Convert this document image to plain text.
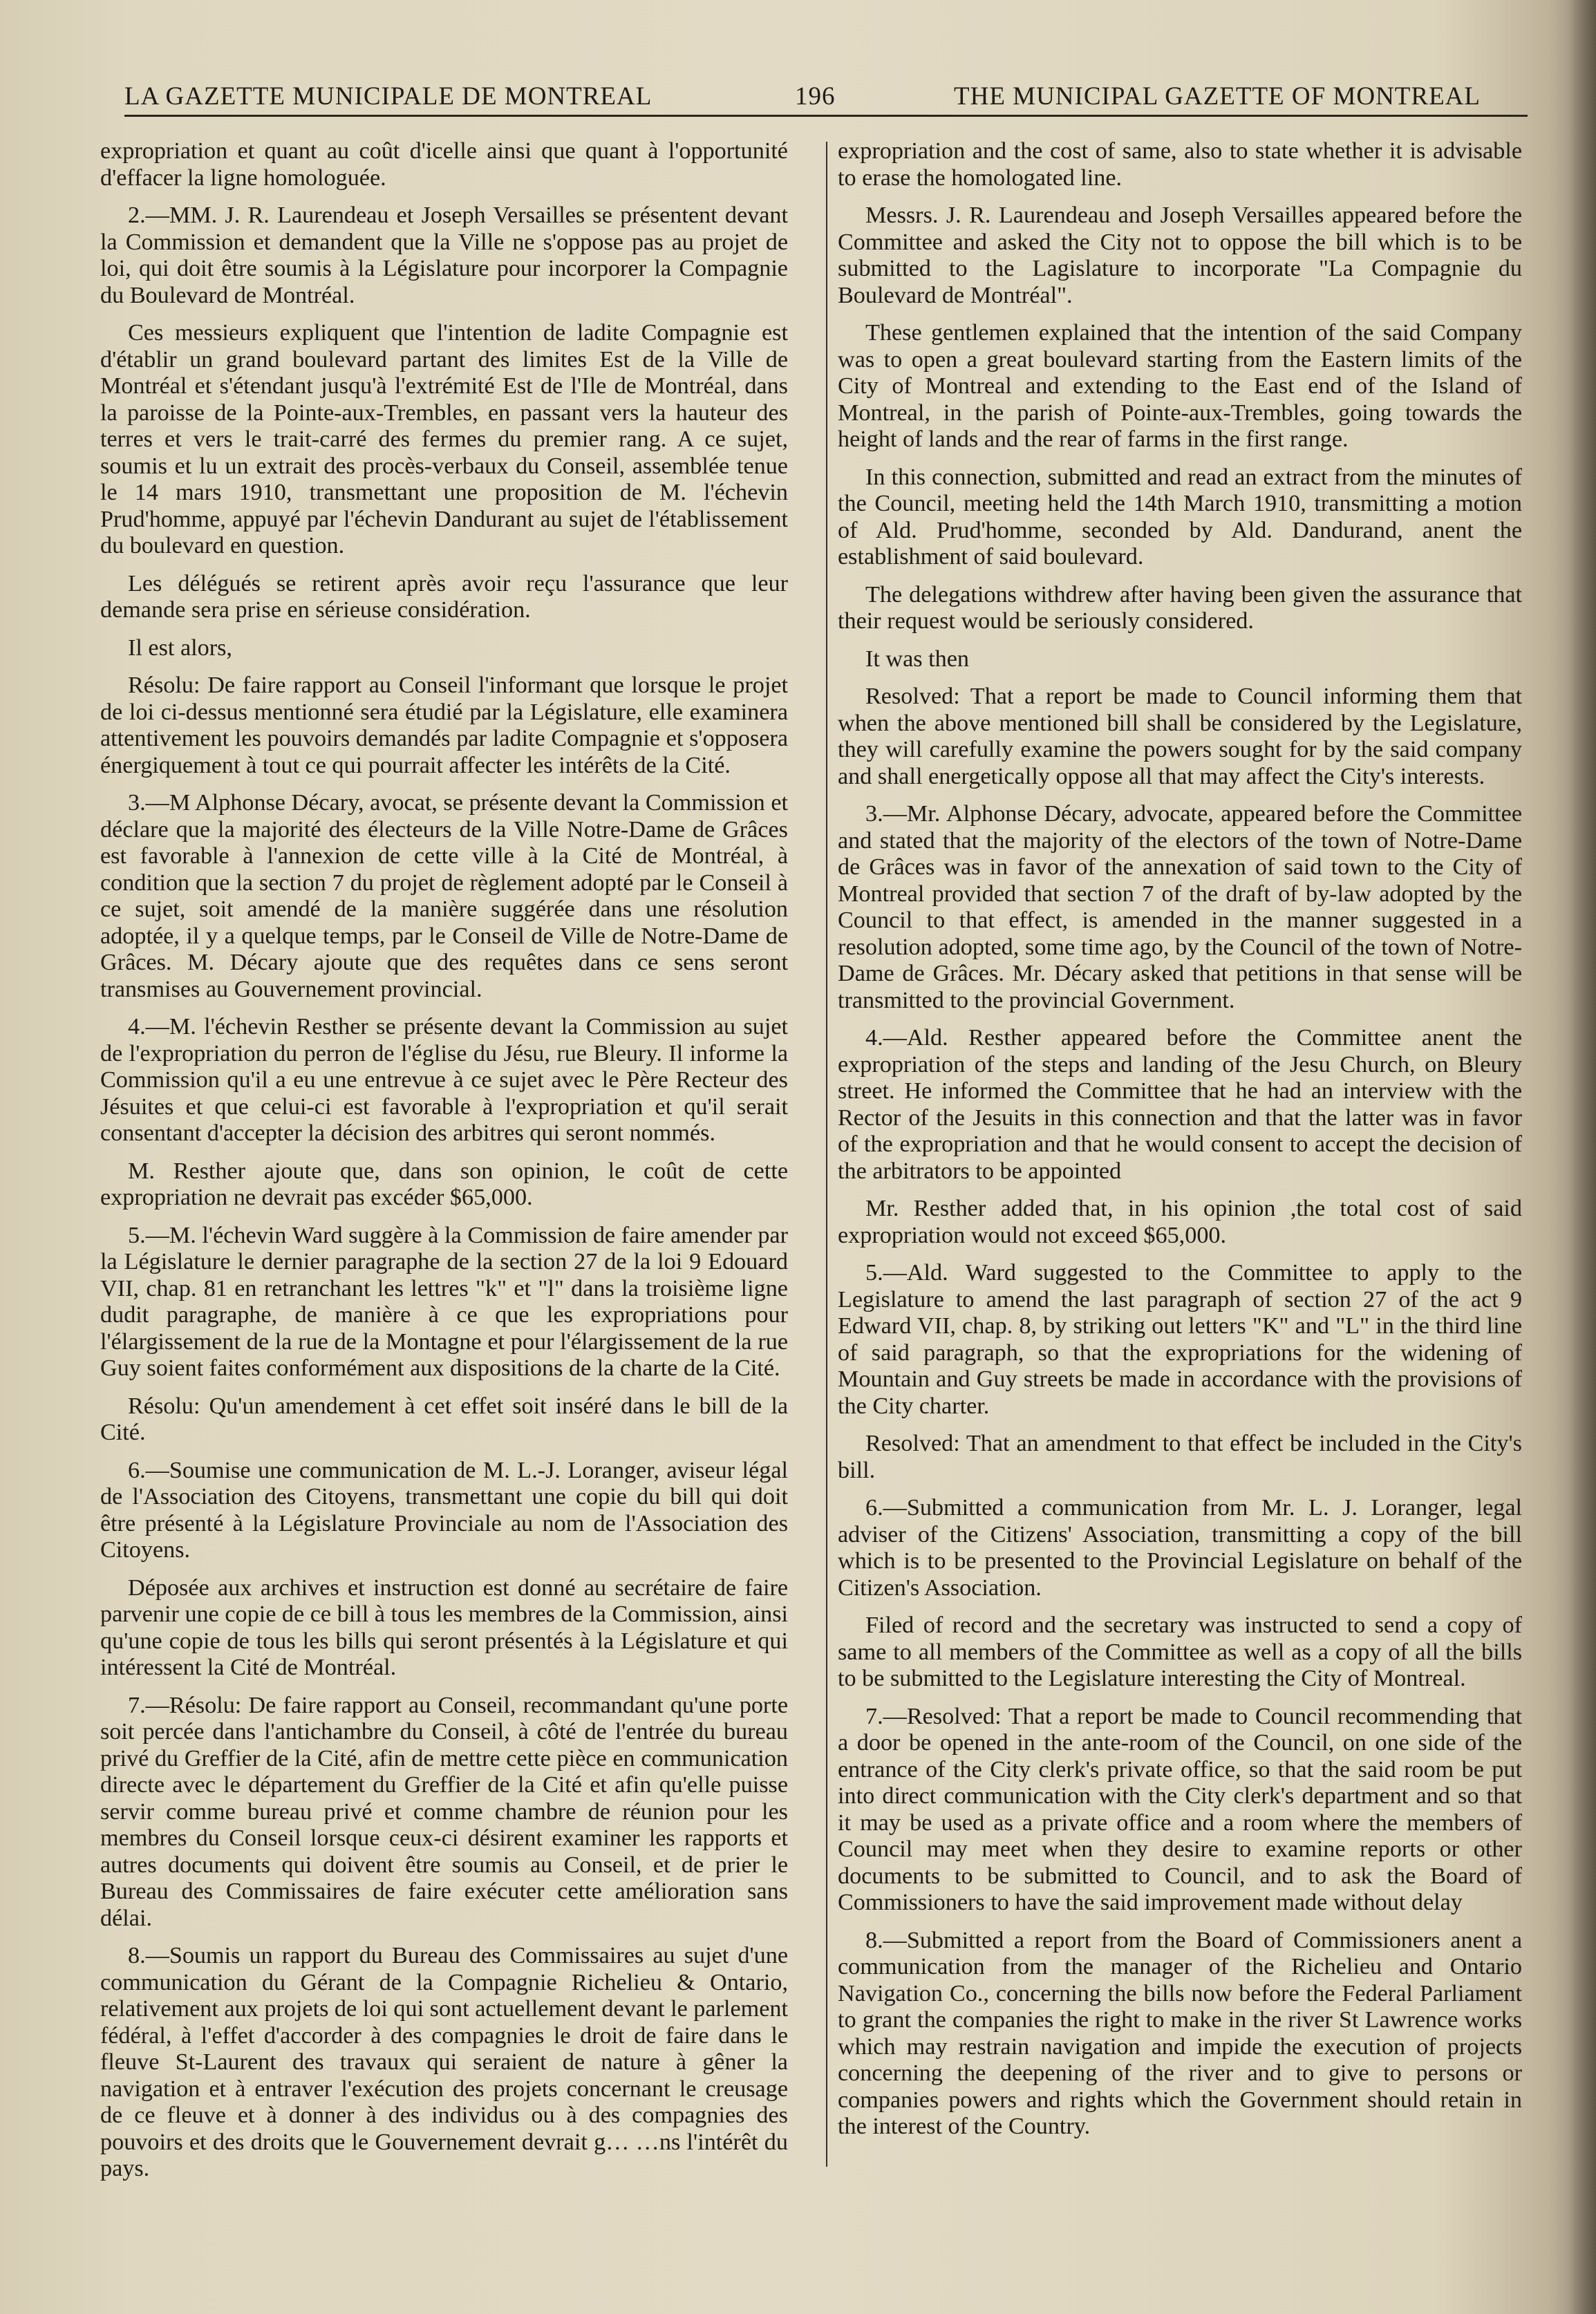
LA GAZETTE MUNICIPALE DE MONTREAL	196	THE MUNICIPAL GAZETTE OF MONTREAL

expropriation et quant au coût d'icelle ainsi que quant à l'opportunité d'effacer la ligne homologuée.

2.—MM. J. R. Laurendeau et Joseph Versailles se présentent devant la Commission et demandent que la Ville ne s'oppose pas au projet de loi, qui doit être soumis à la Législature pour incorporer la Compagnie du Boulevard de Montréal.

Ces messieurs expliquent que l'intention de ladite Compagnie est d'établir un grand boulevard partant des limites Est de la Ville de Montréal et s'étendant jusqu'à l'extrémité Est de l'Ile de Montréal, dans la paroisse de la Pointe-aux-Trembles, en passant vers la hauteur des terres et vers le trait-carré des fermes du premier rang. A ce sujet, soumis et lu un extrait des procès-verbaux du Conseil, assemblée tenue le 14 mars 1910, transmettant une proposition de M. l'échevin Prud'homme, appuyé par l'échevin Dandurant au sujet de l'établissement du boulevard en question.

Les délégués se retirent après avoir reçu l'assurance que leur demande sera prise en sérieuse considération.

Il est alors,

Résolu: De faire rapport au Conseil l'informant que lorsque le projet de loi ci-dessus mentionné sera étudié par la Législature, elle examinera attentivement les pouvoirs demandés par ladite Compagnie et s'opposera énergiquement à tout ce qui pourrait affecter les intérêts de la Cité.

3.—M Alphonse Décary, avocat, se présente devant la Commission et déclare que la majorité des électeurs de la Ville Notre-Dame de Grâces est favorable à l'annexion de cette ville à la Cité de Montréal, à condition que la section 7 du projet de règlement adopté par le Conseil à ce sujet, soit amendé de la manière suggérée dans une résolution adoptée, il y a quelque temps, par le Conseil de Ville de Notre-Dame de Grâces. M. Décary ajoute que des requêtes dans ce sens seront transmises au Gouvernement provincial.

4.—M. l'échevin Resther se présente devant la Commission au sujet de l'expropriation du perron de l'église du Jésu, rue Bleury. Il informe la Commission qu'il a eu une entrevue à ce sujet avec le Père Recteur des Jésuites et que celui-ci est favorable à l'expropriation et qu'il serait consentant d'accepter la décision des arbitres qui seront nommés.

M. Resther ajoute que, dans son opinion, le coût de cette expropriation ne devrait pas excéder $65,000.

5.—M. l'échevin Ward suggère à la Commission de faire amender par la Législature le dernier paragraphe de la section 27 de la loi 9 Edouard VII, chap. 81 en retranchant les lettres "k" et "l" dans la troisième ligne dudit paragraphe, de manière à ce que les expropriations pour l'élargissement de la rue de la Montagne et pour l'élargissement de la rue Guy soient faites conformément aux dispositions de la charte de la Cité.

Résolu: Qu'un amendement à cet effet soit inséré dans le bill de la Cité.

6.—Soumise une communication de M. L.-J. Loranger, aviseur légal de l'Association des Citoyens, transmettant une copie du bill qui doit être présenté à la Législature Provinciale au nom de l'Association des Citoyens.

Déposée aux archives et instruction est donné au secrétaire de faire parvenir une copie de ce bill à tous les membres de la Commission, ainsi qu'une copie de tous les bills qui seront présentés à la Législature et qui intéressent la Cité de Montréal.

7.—Résolu: De faire rapport au Conseil, recommandant qu'une porte soit percée dans l'antichambre du Conseil, à côté de l'entrée du bureau privé du Greffier de la Cité, afin de mettre cette pièce en communication directe avec le département du Greffier de la Cité et afin qu'elle puisse servir comme bureau privé et comme chambre de réunion pour les membres du Conseil lorsque ceux-ci désirent examiner les rapports et autres documents qui doivent être soumis au Conseil, et de prier le Bureau des Commissaires de faire exécuter cette amélioration sans délai.

8.—Soumis un rapport du Bureau des Commissaires au sujet d'une communication du Gérant de la Compagnie Richelieu & Ontario, relativement aux projets de loi qui sont actuellement devant le parlement fédéral, à l'effet d'accorder à des compagnies le droit de faire dans le fleuve St-Laurent des travaux qui seraient de nature à gêner la navigation et à entraver l'exécution des projets concernant le creusage de ce fleuve et à donner à des individus ou à des compagnies des pouvoirs et des droits que le Gouvernement devrait g… …ns l'intérêt du pays.

expropriation and the cost of same, also to state whether it is advisable to erase the homologated line.

Messrs. J. R. Laurendeau and Joseph Versailles appeared before the Committee and asked the City not to oppose the bill which is to be submitted to the Lagislature to incorporate "La Compagnie du Boulevard de Montréal".

These gentlemen explained that the intention of the said Company was to open a great boulevard starting from the Eastern limits of the City of Montreal and extending to the East end of the Island of Montreal, in the parish of Pointe-aux-Trembles, going towards the height of lands and the rear of farms in the first range.

In this connection, submitted and read an extract from the minutes of the Council, meeting held the 14th March 1910, transmitting a motion of Ald. Prud'homme, seconded by Ald. Dandurand, anent the establishment of said boulevard.

The delegations withdrew after having been given the assurance that their request would be seriously considered.

It was then

Resolved: That a report be made to Council informing them that when the above mentioned bill shall be considered by the Legislature, they will carefully examine the powers sought for by the said company and shall energetically oppose all that may affect the City's interests.

3.—Mr. Alphonse Décary, advocate, appeared before the Committee and stated that the majority of the electors of the town of Notre-Dame de Grâces was in favor of the annexation of said town to the City of Montreal provided that section 7 of the draft of by-law adopted by the Council to that effect, is amended in the manner suggested in a resolution adopted, some time ago, by the Council of the town of Notre-Dame de Grâces. Mr. Décary asked that petitions in that sense will be transmitted to the provincial Government.

4.—Ald. Resther appeared before the Committee anent the expropriation of the steps and landing of the Jesu Church, on Bleury street. He informed the Committee that he had an interview with the Rector of the Jesuits in this connection and that the latter was in favor of the expropriation and that he would consent to accept the decision of the arbitrators to be appointed

Mr. Resther added that, in his opinion ,the total cost of said expropriation would not exceed $65,000.

5.—Ald. Ward suggested to the Committee to apply to the Legislature to amend the last paragraph of section 27 of the act 9 Edward VII, chap. 8, by striking out letters "K" and "L" in the third line of said paragraph, so that the expropriations for the widening of Mountain and Guy streets be made in accordance with the provisions of the City charter.

Resolved: That an amendment to that effect be included in the City's bill.

6.—Submitted a communication from Mr. L. J. Loranger, legal adviser of the Citizens' Association, transmitting a copy of the bill which is to be presented to the Provincial Legislature on behalf of the Citizen's Association.

Filed of record and the secretary was instructed to send a copy of same to all members of the Committee as well as a copy of all the bills to be submitted to the Legislature interesting the City of Montreal.

7.—Resolved: That a report be made to Council recommending that a door be opened in the ante-room of the Council, on one side of the entrance of the City clerk's private office, so that the said room be put into direct communication with the City clerk's department and so that it may be used as a private office and a room where the members of Council may meet when they desire to examine reports or other documents to be submitted to Council, and to ask the Board of Commissioners to have the said improvement made without delay

8.—Submitted a report from the Board of Commissioners anent a communication from the manager of the Richelieu and Ontario Navigation Co., concerning the bills now before the Federal Parliament to grant the companies the right to make in the river St Lawrence works which may restrain navigation and impide the execution of projects concerning the deepening of the river and to give to persons or companies powers and rights which the Government should retain in the interest of the Country.
